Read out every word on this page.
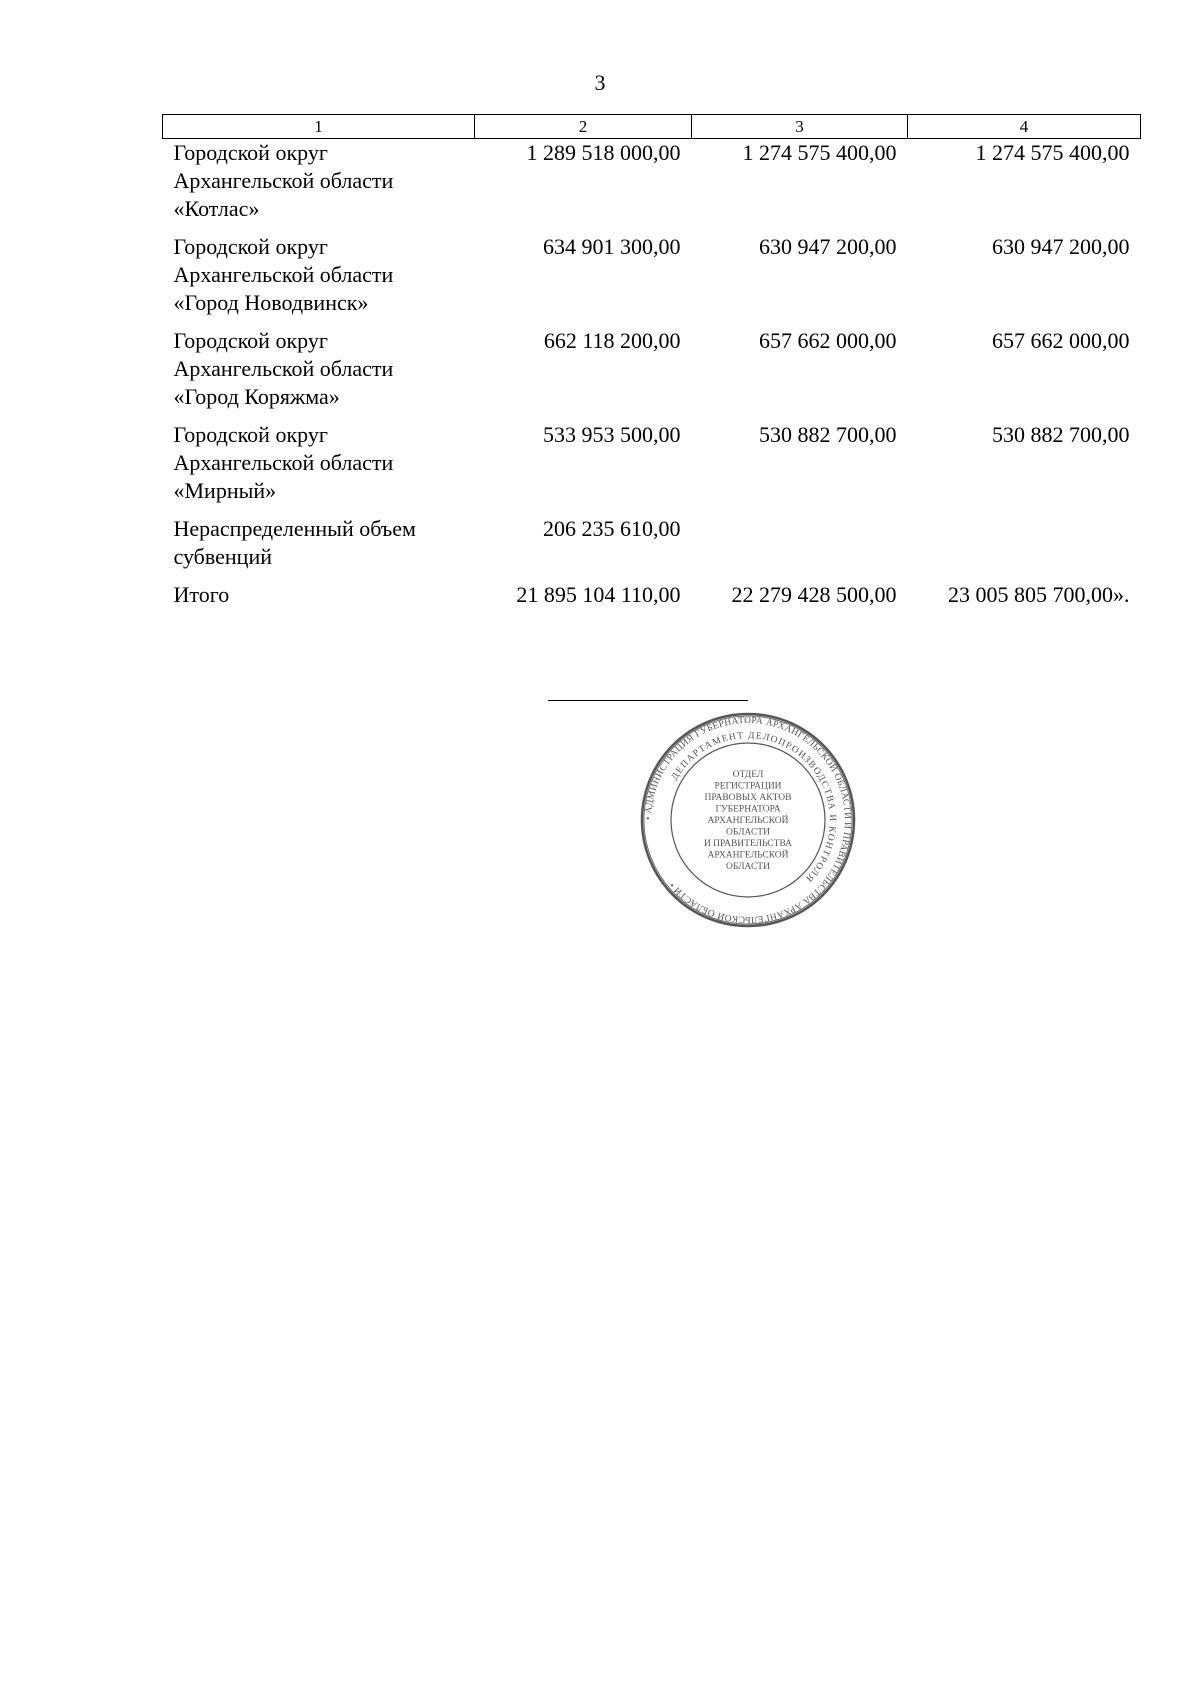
3
1	2	3	4
Городской округ Архангельской области «Котлас»	1 289 518 000,00	1 274 575 400,00	1 274 575 400,00
Городской округ Архангельской области «Город Новодвинск»	634 901 300,00	630 947 200,00	630 947 200,00
Городской округ Архангельской области «Город Коряжма»	662 118 200,00	657 662 000,00	657 662 000,00
Городской округ Архангельской области «Мирный»	533 953 500,00	530 882 700,00	530 882 700,00
Нераспределенный объем субвенций	206 235 610,00		
Итого	21 895 104 110,00	22 279 428 500,00	23 005 805 700,00».
• АДМИНИСТРАЦИЯ ГУБЕРНАТОРА АРХАНГЕЛЬСКОЙ ОБЛАСТИ И ПРАВИТЕЛЬСТВА АРХАНГЕЛЬСКОЙ ОБЛАСТИ •
ДЕПАРТАМЕНТ ДЕЛОПРОИЗВОДСТВА И КОНТРОЛЯ
ОТДЕЛ
РЕГИСТРАЦИИ
ПРАВОВЫХ АКТОВ
ГУБЕРНАТОРА
АРХАНГЕЛЬСКОЙ
ОБЛАСТИ
И ПРАВИТЕЛЬСТВА
АРХАНГЕЛЬСКОЙ
ОБЛАСТИ
